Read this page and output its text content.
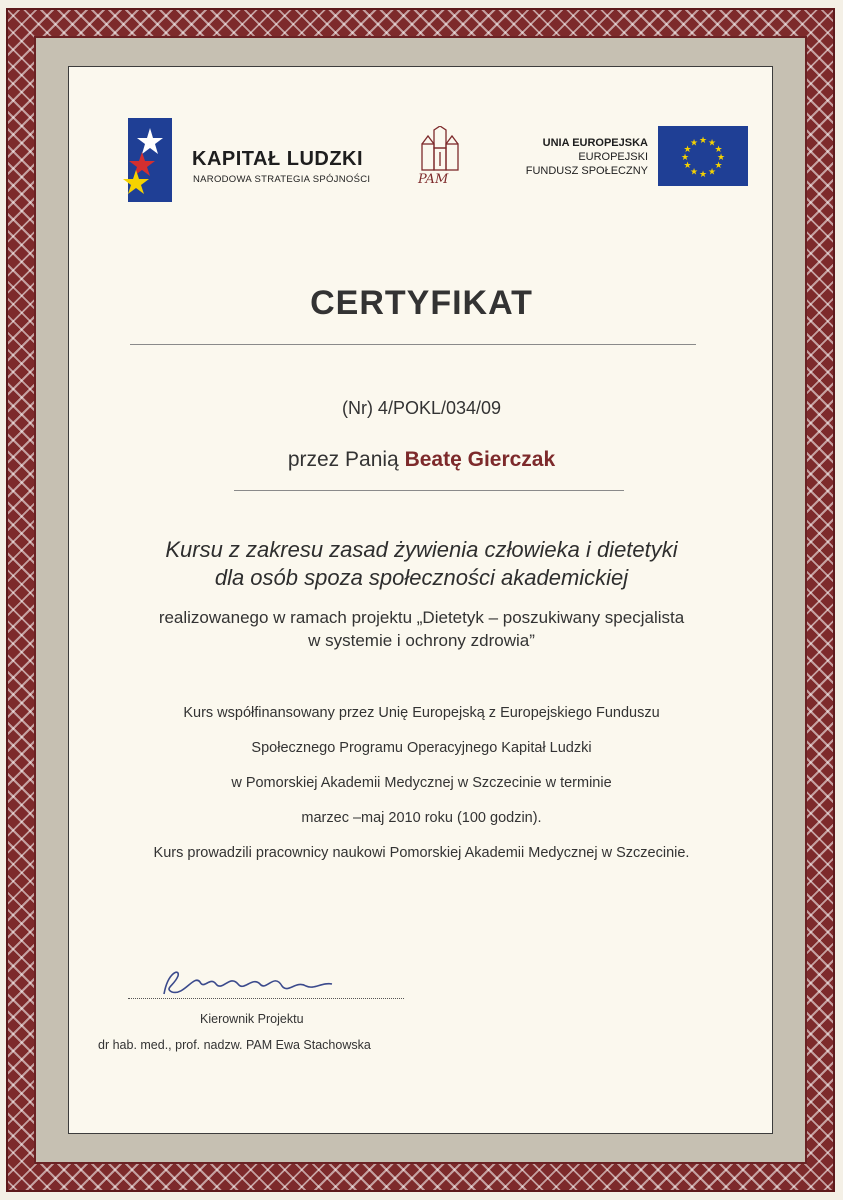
KAPITAŁ LUDZKI
NARODOWA STRATEGIA SPÓJNOŚCI	PAM
UNIA EUROPEJSKA
EUROPEJSKI
FUNDUSZ SPOŁECZNY
★ ★
★
★
★
★
★
★
★
★
★
★
CERTYFIKAT
(Nr) 4/POKL/034/09
przez Panią Beatę Gierczak
Kursu z zakresu zasad żywienia człowieka i dietetyki
dla osób spoza społeczności akademickiej
realizowanego w ramach projektu „Dietetyk – poszukiwany specjalista
w systemie i ochrony zdrowia”
Kurs współfinansowany przez Unię Europejską z Europejskiego Funduszu
Społecznego Programu Operacyjnego Kapitał Ludzki
w Pomorskiej Akademii Medycznej w Szczecinie w terminie
marzec –maj 2010 roku (100 godzin).
Kurs prowadzili pracownicy naukowi Pomorskiej Akademii Medycznej w Szczecinie.
Kierownik Projektu
dr hab. med., prof. nadzw. PAM Ewa Stachowska
